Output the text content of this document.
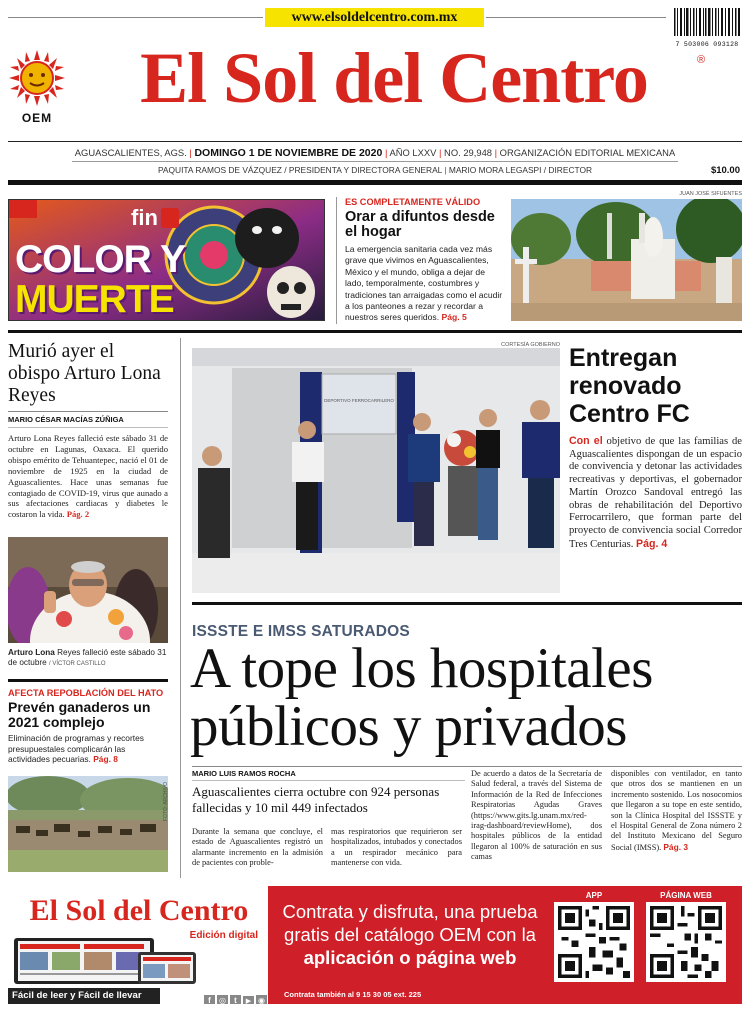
www.elsoldelcentro.com.mx
7 503006 093128
OEM	El Sol del Centro	®
AGUASCALIENTES, AGS. | DOMINGO 1 DE NOVIEMBRE DE 2020 | AÑO LXXV | NO. 29,948 | ORGANIZACIÓN EDITORIAL MEXICANA
PAQUITA RAMOS DE VÁZQUEZ / PRESIDENTA Y DIRECTORA GENERAL | MARIO MORA LEGASPI / DIRECTOR	$10.00
fin
COLOR Y
MUERTE
ES COMPLETAMENTE VÁLIDO
Orar a difuntos desde el hogar
La emergencia sanitaria cada vez más grave que vivimos en Aguascalientes, México y el mundo, obliga a dejar de lado, temporalmente, costumbres y tradiciones tan arraigadas como el acudir a los panteones a rezar y recordar a nuestros seres queridos. Pág. 5
JUAN JOSÉ SIFUENTES
Murió ayer el obispo Arturo Lona Reyes
MARIO CÉSAR MACÍAS ZÚÑIGA
Arturo Lona Reyes falleció este sábado 31 de octubre en Lagunas, Oaxaca. El querido obispo emérito de Tehuantepec, nació el 01 de noviembre de 1925 en la ciudad de Aguascalientes. Hace unas semanas fue contagiado de COVID-19, virus que aunado a sus afectaciones cardiacas y diabetes le costaron la vida. Pág. 2
Arturo Lona Reyes falleció este sábado 31 de octubre / VÍCTOR CASTILLO
AFECTA REPOBLACIÓN DEL HATO
Prevén ganaderos un 2021 complejo
Eliminación de programas y recortes presupuestales complicarán las actividades pecuarias. Pág. 8
FOTO: ARCHIVO
CORTESÍA GOBIERNO
DEPORTIVO FERROCARRILERO
Entregan renovado Centro FC
Con el objetivo de que las familias de Aguascalientes dispongan de un espacio de convivencia y detonar las actividades recreativas y deportivas, el gobernador Martín Orozco Sandoval entregó las obras de rehabilitación del Deportivo Ferrocarrilero, que forman parte del proyecto de convivencia social Corredor Tres Centurias. Pág. 4
ISSSTE E IMSS SATURADOS
A tope los hospitales
públicos y privados
MARIO LUIS RAMOS ROCHA
Aguascalientes cierra octubre con 924 personas fallecidas y 10 mil 449 infectados
Durante la semana que concluye, el estado de Aguascalientes registró un alarmante incremento en la admisión de pacientes con proble-
mas respiratorios que requirieron ser hospitalizados, intubados y conectados a un respirador mecánico para mantenerse con vida.
De acuerdo a datos de la Secretaría de Salud federal, a través del Sistema de Información de la Red de Infecciones Respiratorias Agudas Graves (https://www.gits.lg.unam.mx/red-irag-dashboard/reviewHome), dos hospitales públicos de la entidad llegaron al 100% de saturación en sus camas
disponibles con ventilador, en tanto que otros dos se mantienen en un incremento sostenido. Los nosocomios que llegaron a su tope en este sentido, son la Clínica Hospital del ISSSTE y el Hospital General de Zona número 2 del Instituto Mexicano del Seguro Social (IMSS). Pág. 3
El Sol del Centro
Edición digital
Fácil de leer y Fácil de llevar	f ◎ t ▶ ◉
Contrata y disfruta, una prueba
gratis del catálogo OEM con la
aplicación o página web
Contrata también al 9 15 30 05 ext. 225
APP	PÁGINA WEB
